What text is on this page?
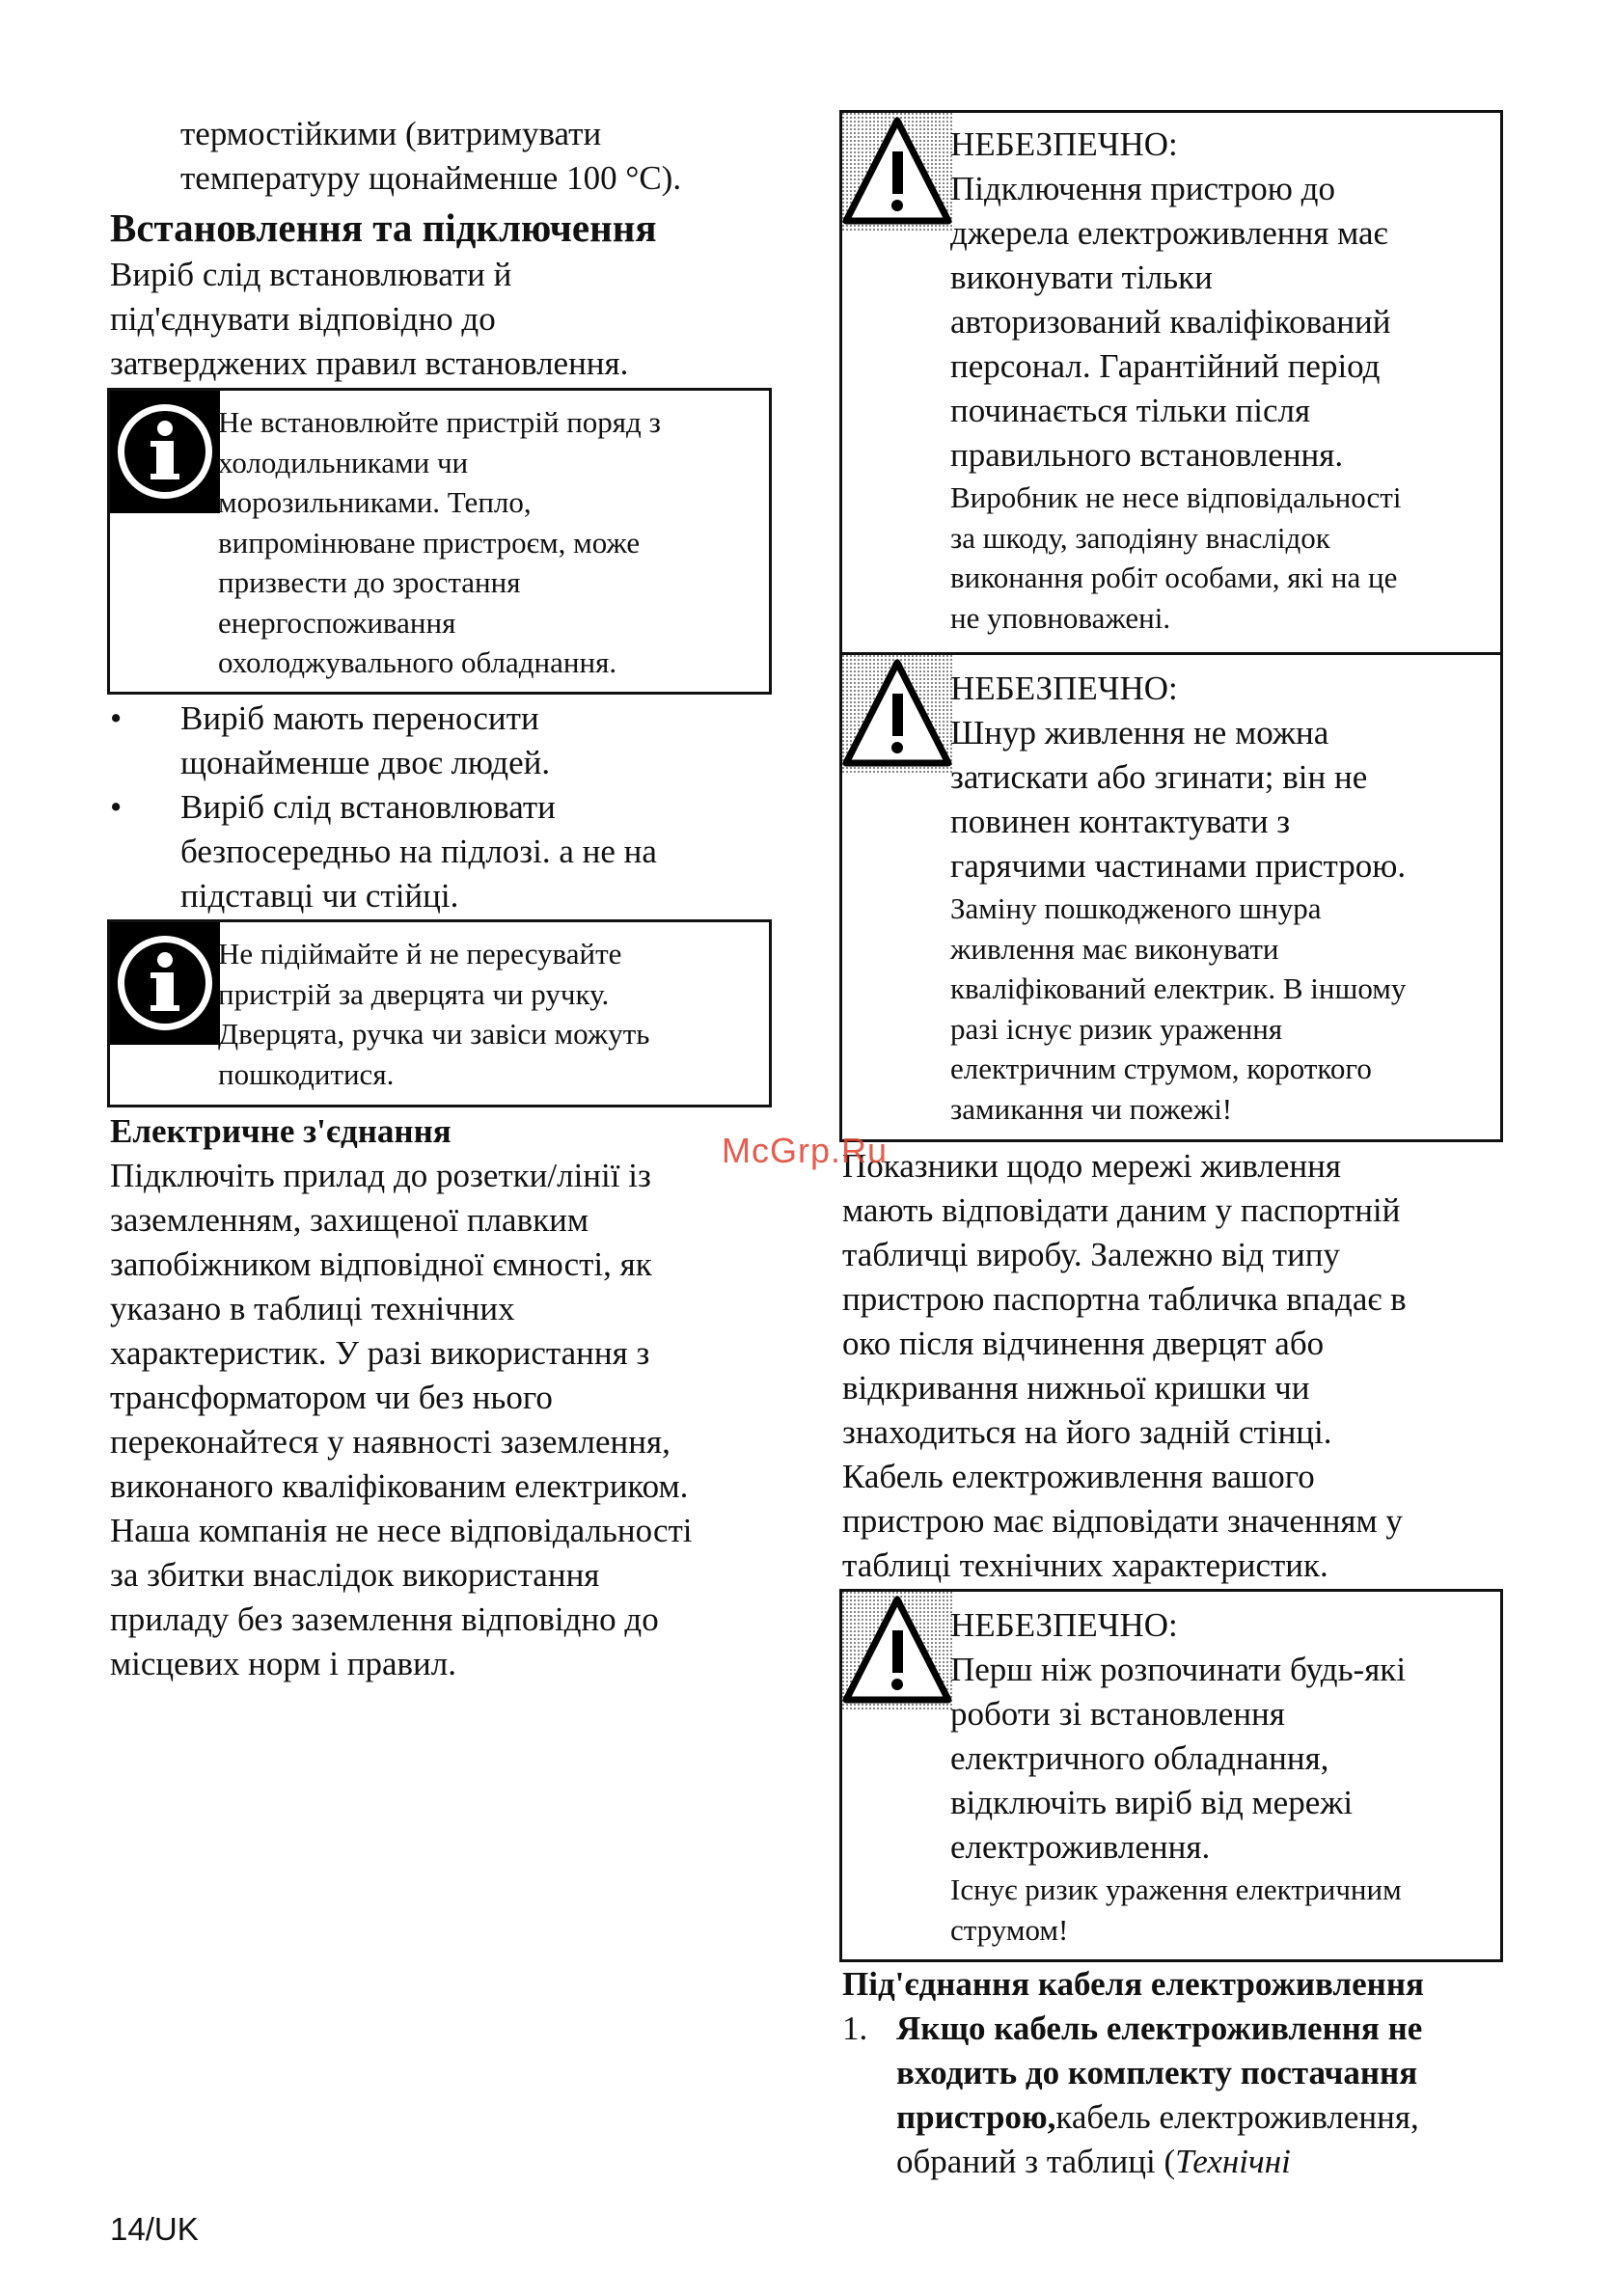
термостійкими (витримувати

температуру щонайменше 100 °C).

Встановлення та підключення

Виріб слід встановлювати й

під'єднувати відповідно до

затверджених правил встановлення.

Не встановлюйте пристрій поряд з

холодильниками чи

морозильниками. Тепло,

випромінюване пристроєм, може

призвести до зростання

енергоспоживання

охолоджувального обладнання.

• Виріб мають переносити

щонайменше двоє людей.

• Виріб слід встановлювати

безпосередньо на підлозі. а не на

підставці чи стійці.

Не підіймайте й не пересувайте

пристрій за дверцята чи ручку.

Дверцята, ручка чи завіси можуть

пошкодитися.

Електричне з'єднання

Підключіть прилад до розетки/лінії із

заземленням, захищеної плавким

запобіжником відповідної ємності, як

указано в таблиці технічних

характеристик. У разі використання з

трансформатором чи без нього

переконайтеся у наявності заземлення,

виконаного кваліфікованим електриком.

Наша компанія не несе відповідальності

за збитки внаслідок використання

приладу без заземлення відповідно до

місцевих норм і правил.

НЕБЕЗПЕЧНО:

Підключення пристрою до

джерела електроживлення має

виконувати тільки

авторизований кваліфікований

персонал. Гарантійний період

починається тільки після

правильного встановлення.

Виробник не несе відповідальності

за шкоду, заподіяну внаслідок

виконання робіт особами, які на це

не уповноважені.

НЕБЕЗПЕЧНО:

Шнур живлення не можна

затискати або згинати; він не

повинен контактувати з

гарячими частинами пристрою.

Заміну пошкодженого шнура

живлення має виконувати

кваліфікований електрик. В іншому

разі існує ризик ураження

електричним струмом, короткого

замикання чи пожежі!

Показники щодо мережі живлення

мають відповідати даним у паспортній

табличці виробу. Залежно від типу

пристрою паспортна табличка впадає в

око після відчинення дверцят або

відкривання нижньої кришки чи

знаходиться на його задній стінці.

Кабель електроживлення вашого

пристрою має відповідати значенням у

таблиці технічних характеристик.

НЕБЕЗПЕЧНО:

Перш ніж розпочинати будь-які

роботи зі встановлення

електричного обладнання,

відключіть виріб від мережі

електроживлення.

Існує ризик ураження електричним

струмом!

Під'єднання кабеля електроживлення
1. Якщо кабель електроживлення не

входить до комплекту постачання

пристрою,кабель електроживлення,

обраний з таблиці (Технічні

McGrp.Ru
14/UK
